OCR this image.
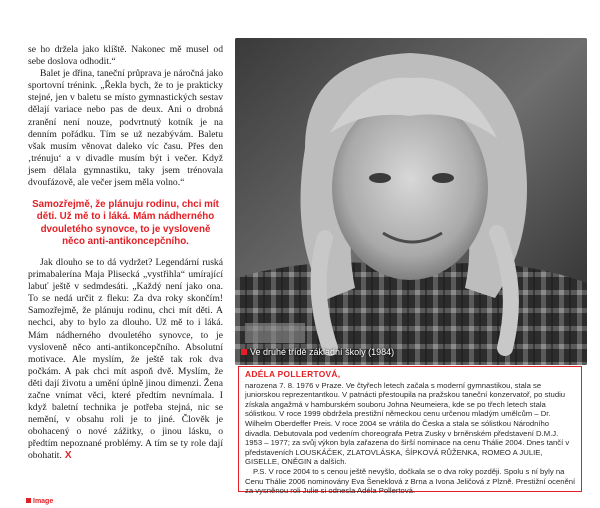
se ho držela jako klíště. Nakonec mě musel od sebe doslova odhodit.“

Balet je dřina, taneční průprava je náročná jako sportovní trénink. „Řekla bych, že to je prakticky stejné, jen v baletu se místo gymnastických sestav dělají variace nebo pas de deux. Ani o drobná zranění není nouze, podvrtnutý kotník je na denním pořádku. Tím se už nezabývám. Baletu však musím věnovat daleko víc času. Přes den ‚trénuju‘ a v divadle musím být i večer. Když jsem dělala gymnastiku, taky jsem trénovala dvoufázově, ale večer jsem měla volno.“

Samozřejmě, že plánuju rodinu, chci mít děti. Už mě to i láká. Mám nádherného dvouletého synovce, to je vysloveně něco anti-antikoncepčního.

Jak dlouho se to dá vydržet? Legendární ruská primabalerína Maja Plisecká „vystřihla“ umírající labuť ještě v sedmdesáti. „Každý není jako ona. To se nedá určit z fleku: Za dva roky skončím! Samozřejmě, že plánuju rodinu, chci mít děti. A nechci, aby to bylo za dlouho. Už mě to i láká. Mám nádherného dvouletého synovce, to je vysloveně něco anti-antikoncepčního. Absolutní motivace. Ale myslím, že ještě tak rok dva počkám. A pak chci mít aspoň dvě. Myslím, že děti dají životu a umění úplně jinou dimenzi. Žena začne vnímat věci, které předtím nevnímala. I když baletní technika je potřeba stejná, nic se nemění, v obsahu roli je to jiné. Člověk je obohacený o nové zážitky, o jinou lásku, o předtím nepoznané problémy. A tím se ty role dají obohatit. X

Ve druhé třídě základní školy (1984)
ADÉLA POLLERTOVÁ,

narozena 7. 8. 1976 v Praze. Ve čtyřech letech začala s moderní gymnastikou, stala se juniorskou reprezentantkou. V patnácti přestoupila na pražskou taneční konzervatoř, po studiu získala angažmá v hamburském souboru Johna Neumeiera, kde se po třech letech stala sólistkou. V roce 1999 obdržela prestižní německou cenu určenou mladým umělcům – Dr. Wilhelm Oberdeffer Preis. V roce 2004 se vrátila do Česka a stala se sólistkou Národního divadla. Debutovala pod vedením choreografa Petra Zusky v brněnském představení D.M.J. 1953 – 1977; za svůj výkon byla zařazena do širší nominace na cenu Thálie 2004. Dnes tančí v představeních LOUSKÁČEK, ZLATOVLÁSKA, ŠÍPKOVÁ RŮŽENKA, ROMEO A JULIE, GISELLE, ONĚGIN a dalších.

P.S. V roce 2004 to s cenou ještě nevyšlo, dočkala se o dva roky později. Spolu s ní byly na Cenu Thálie 2006 nominovány Eva Šeneklová z Brna a Ivona Jeličová z Plzně. Prestižní ocenění za vysněnou roli Julie si odnesla Adéla Pollertová.

Image
